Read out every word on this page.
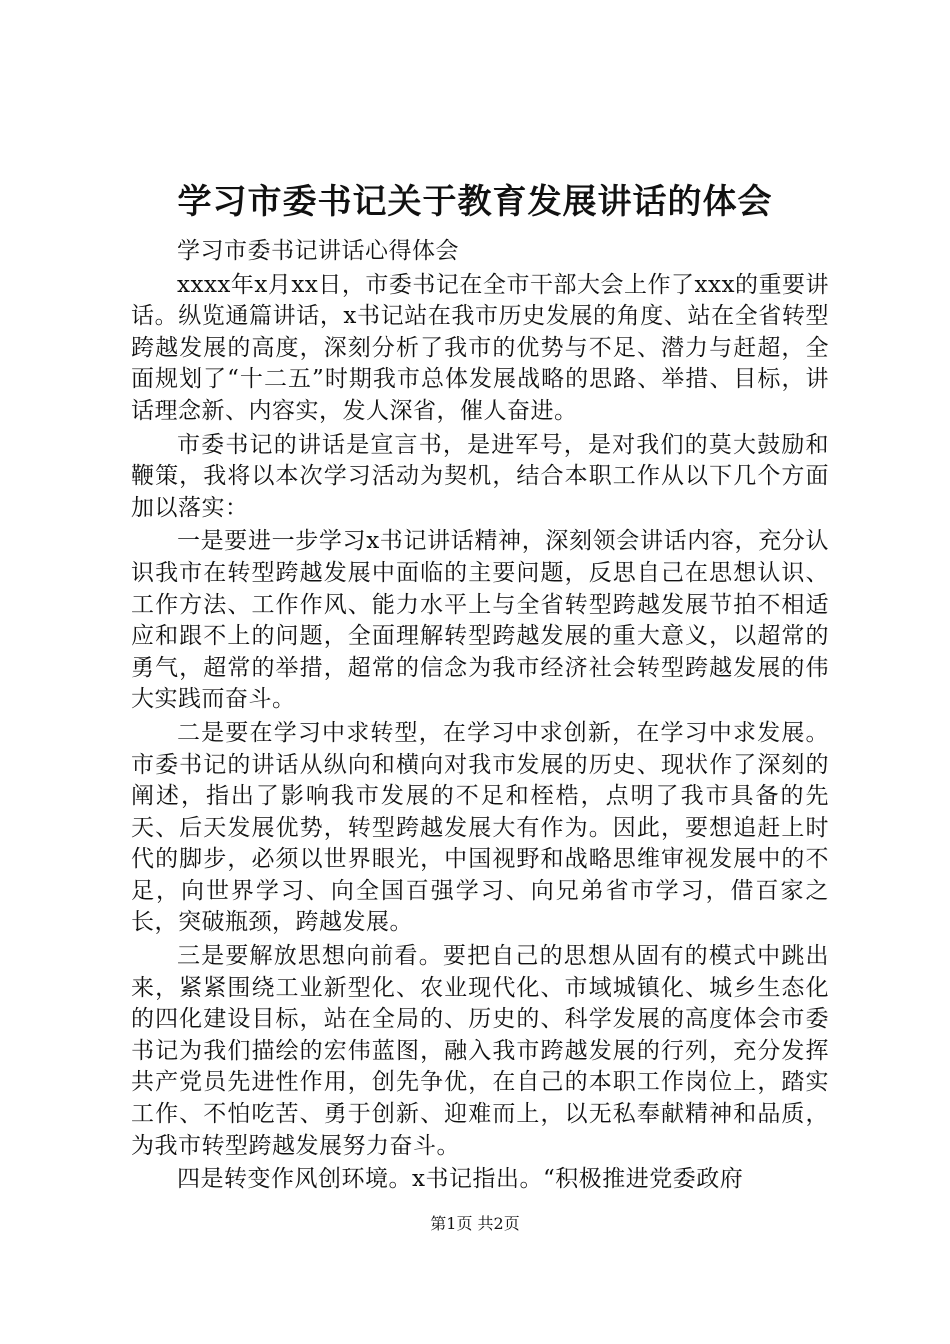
学习市委书记关于教育发展讲话的体会

学习市委书记讲话心得体会

xxxx年x月xx日，市委书记在全市干部大会上作了xxx的重要讲话。纵览通篇讲话，x书记站在我市历史发展的角度、站在全省转型跨越发展的高度，深刻分析了我市的优势与不足、潜力与赶超，全面规划了“十二五”时期我市总体发展战略的思路、举措、目标，讲话理念新、内容实，发人深省，催人奋进。

市委书记的讲话是宣言书，是进军号，是对我们的莫大鼓励和鞭策，我将以本次学习活动为契机，结合本职工作从以下几个方面加以落实：

一是要进一步学习x书记讲话精神，深刻领会讲话内容，充分认识我市在转型跨越发展中面临的主要问题，反思自己在思想认识、工作方法、工作作风、能力水平上与全省转型跨越发展节拍不相适应和跟不上的问题，全面理解转型跨越发展的重大意义，以超常的勇气，超常的举措，超常的信念为我市经济社会转型跨越发展的伟大实践而奋斗。

二是要在学习中求转型，在学习中求创新，在学习中求发展。市委书记的讲话从纵向和横向对我市发展的历史、现状作了深刻的阐述，指出了影响我市发展的不足和桎梏，点明了我市具备的先天、后天发展优势，转型跨越发展大有作为。因此，要想追赶上时代的脚步，必须以世界眼光，中国视野和战略思维审视发展中的不足，向世界学习、向全国百强学习、向兄弟省市学习，借百家之长，突破瓶颈，跨越发展。

三是要解放思想向前看。要把自己的思想从固有的模式中跳出来，紧紧围绕工业新型化、农业现代化、市域城镇化、城乡生态化的四化建设目标，站在全局的、历史的、科学发展的高度体会市委书记为我们描绘的宏伟蓝图，融入我市跨越发展的行列，充分发挥共产党员先进性作用，创先争优，在自己的本职工作岗位上，踏实工作、不怕吃苦、勇于创新、迎难而上，以无私奉献精神和品质，为我市转型跨越发展努力奋斗。

四是转变作风创环境。x书记指出。“积极推进党委政府

第1页 共2页
